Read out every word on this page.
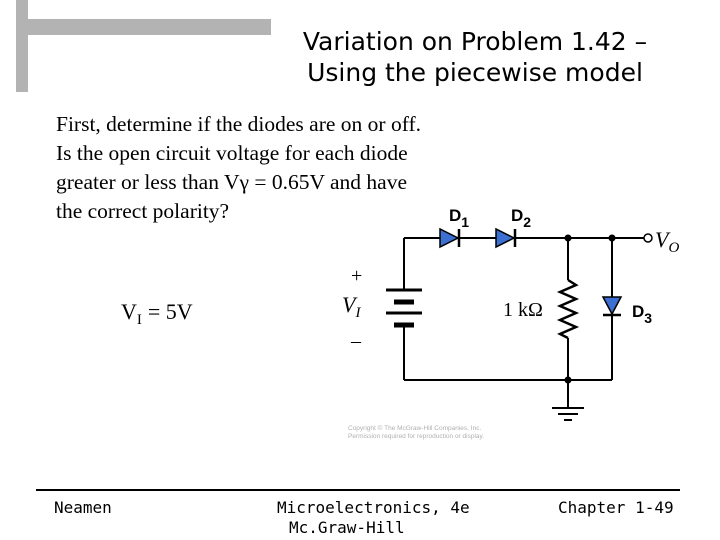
Variation on Problem 1.42 –
Using the piecewise model
First, determine if the diodes are on or off.
Is the open circuit voltage for each diode
greater or less than Vγ = 0.65V and have
the correct polarity?
$V_I = 5V$
$D_1$ $D_2$
$D_3$
$V_O$
+
$V_I$
–
1 kΩ
Copyright © The McGraw-Hill Companies, Inc.
Permission required for reproduction or display.
Neamen	Microelectronics, 4e
Mc.Graw-Hill
Chapter 1-49
